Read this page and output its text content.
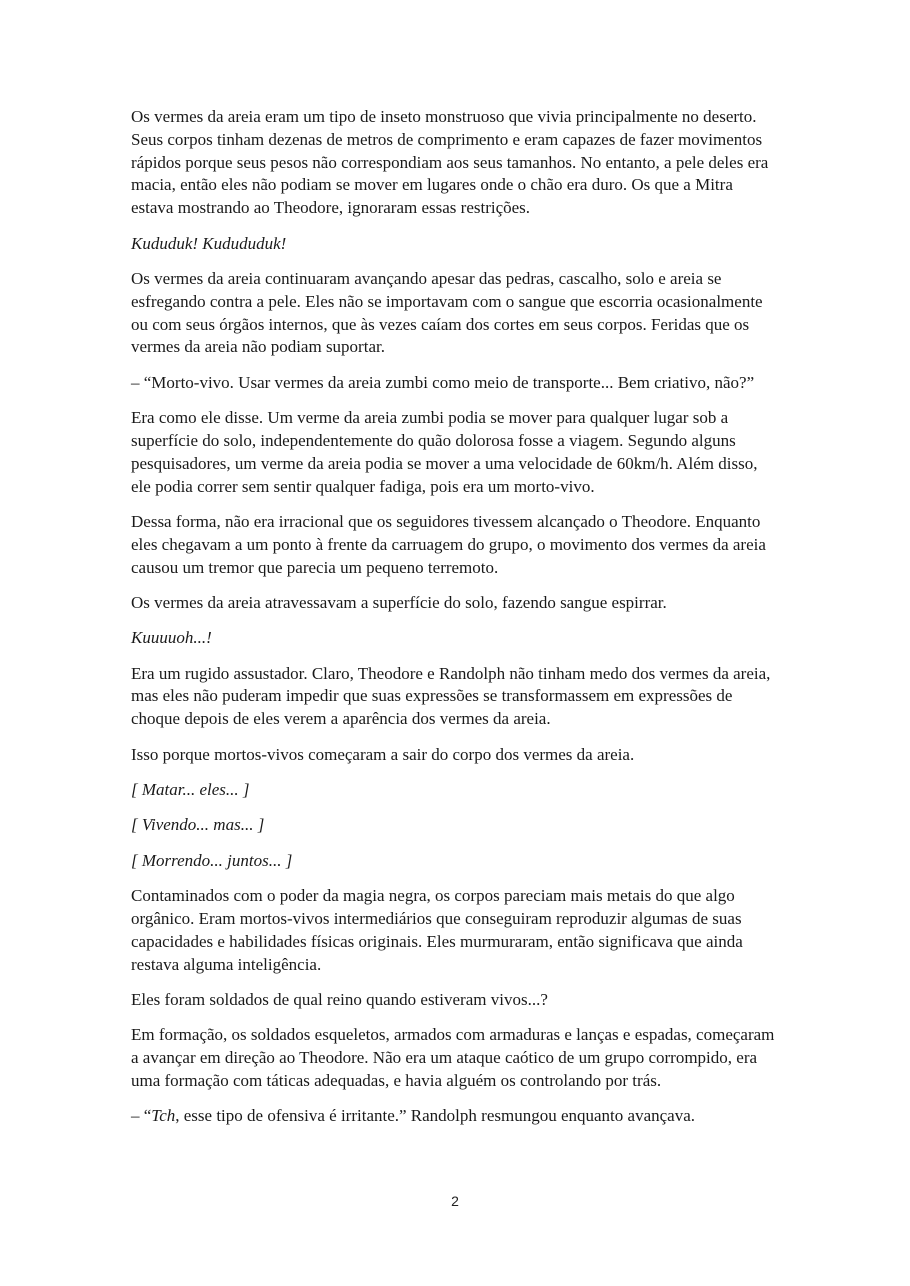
Os vermes da areia eram um tipo de inseto monstruoso que vivia principalmente no deserto. Seus corpos tinham dezenas de metros de comprimento e eram capazes de fazer movimentos rápidos porque seus pesos não correspondiam aos seus tamanhos. No entanto, a pele deles era macia, então eles não podiam se mover em lugares onde o chão era duro. Os que a Mitra estava mostrando ao Theodore, ignoraram essas restrições.

Kududuk! Kudududuk!

Os vermes da areia continuaram avançando apesar das pedras, cascalho, solo e areia se esfregando contra a pele. Eles não se importavam com o sangue que escorria ocasionalmente ou com seus órgãos internos, que às vezes caíam dos cortes em seus corpos. Feridas que os vermes da areia não podiam suportar.

– “Morto-vivo. Usar vermes da areia zumbi como meio de transporte... Bem criativo, não?”

Era como ele disse. Um verme da areia zumbi podia se mover para qualquer lugar sob a superfície do solo, independentemente do quão dolorosa fosse a viagem. Segundo alguns pesquisadores, um verme da areia podia se mover a uma velocidade de 60km/h. Além disso, ele podia correr sem sentir qualquer fadiga, pois era um morto-vivo.

Dessa forma, não era irracional que os seguidores tivessem alcançado o Theodore. Enquanto eles chegavam a um ponto à frente da carruagem do grupo, o movimento dos vermes da areia causou um tremor que parecia um pequeno terremoto.

Os vermes da areia atravessavam a superfície do solo, fazendo sangue espirrar.

Kuuuuoh...!

Era um rugido assustador. Claro, Theodore e Randolph não tinham medo dos vermes da areia, mas eles não puderam impedir que suas expressões se transformassem em expressões de choque depois de eles verem a aparência dos vermes da areia.

Isso porque mortos-vivos começaram a sair do corpo dos vermes da areia.

[ Matar... eles... ]

[ Vivendo... mas... ]

[ Morrendo... juntos... ]

Contaminados com o poder da magia negra, os corpos pareciam mais metais do que algo orgânico. Eram mortos-vivos intermediários que conseguiram reproduzir algumas de suas capacidades e habilidades físicas originais. Eles murmuraram, então significava que ainda restava alguma inteligência.

Eles foram soldados de qual reino quando estiveram vivos...?

Em formação, os soldados esqueletos, armados com armaduras e lanças e espadas, começaram a avançar em direção ao Theodore. Não era um ataque caótico de um grupo corrompido, era uma formação com táticas adequadas, e havia alguém os controlando por trás.

– “Tch, esse tipo de ofensiva é irritante.” Randolph resmungou enquanto avançava.

2
